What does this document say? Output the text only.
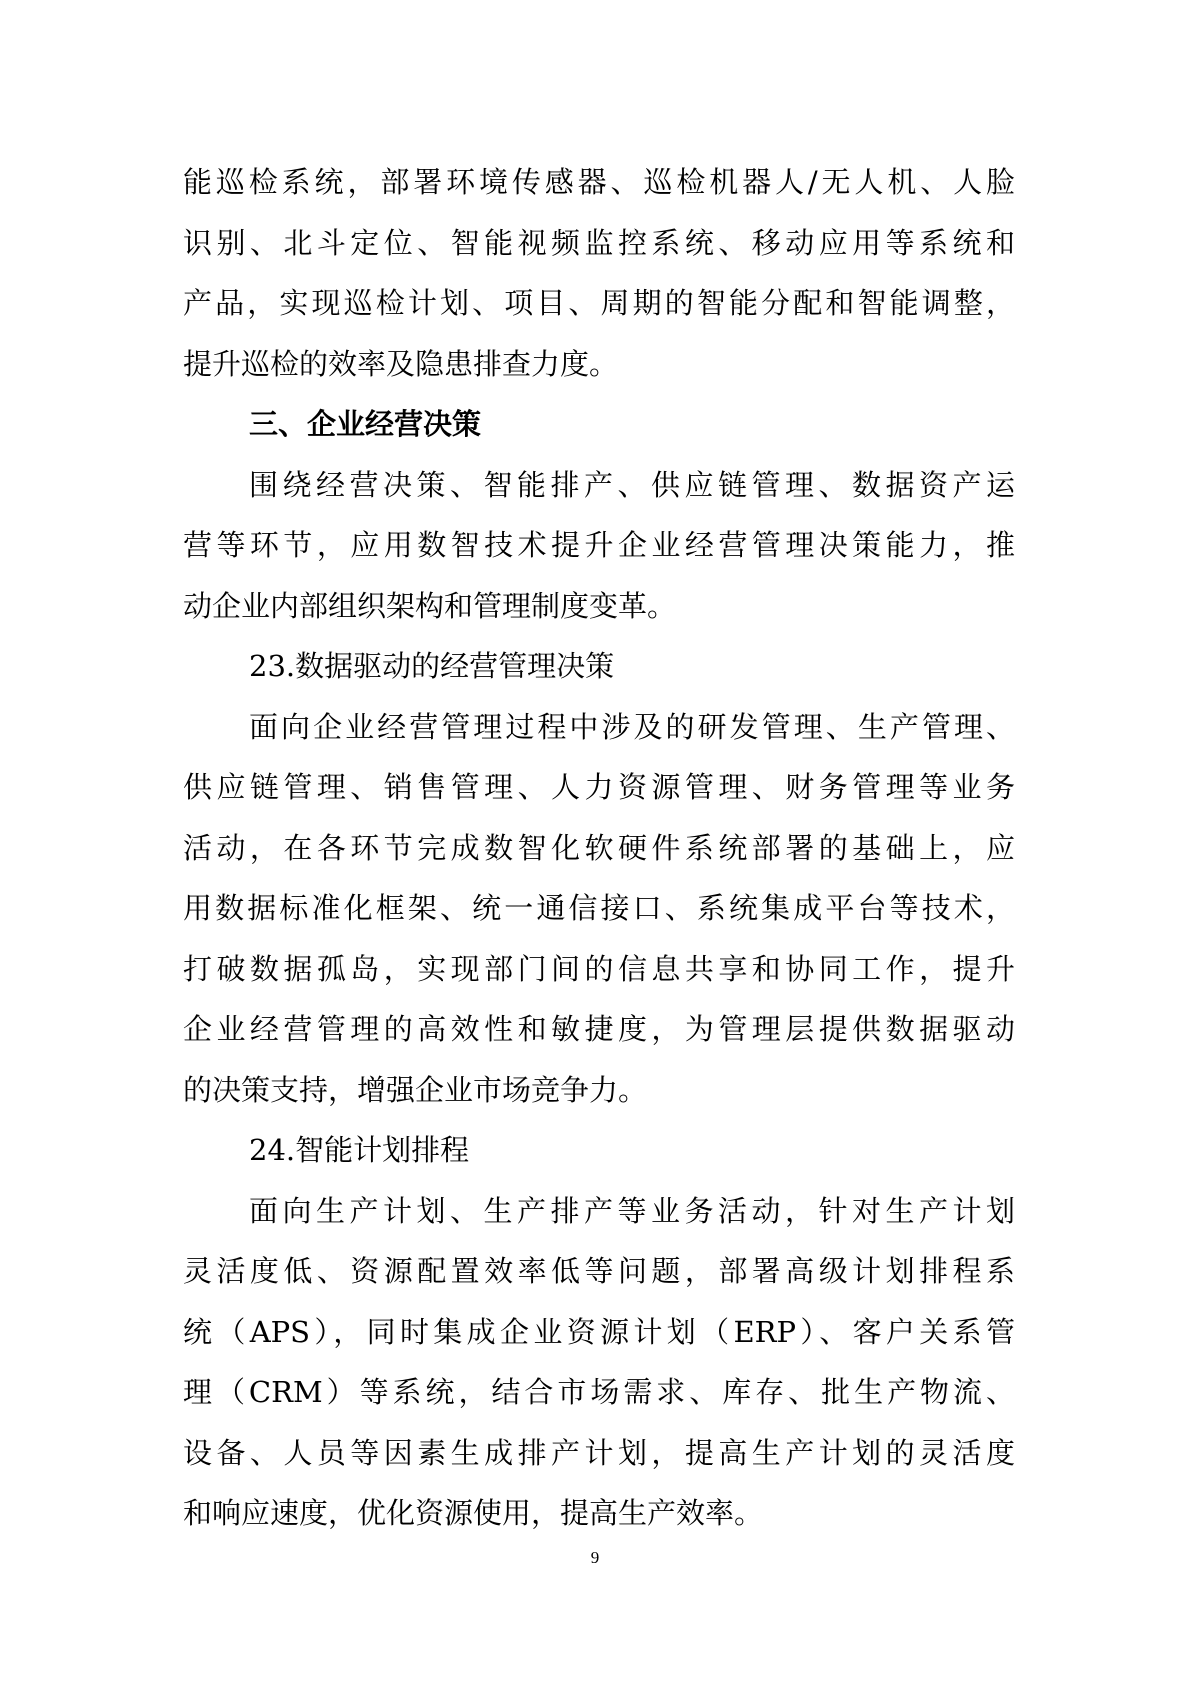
能巡检系统，部署环境传感器、巡检机器人/无人机、人脸
识别、北斗定位、智能视频监控系统、移动应用等系统和
产品，实现巡检计划、项目、周期的智能分配和智能调整，
提升巡检的效率及隐患排查力度。
三、企业经营决策
围绕经营决策、智能排产、供应链管理、数据资产运
营等环节，应用数智技术提升企业经营管理决策能力，推
动企业内部组织架构和管理制度变革。
23.数据驱动的经营管理决策
面向企业经营管理过程中涉及的研发管理、生产管理、
供应链管理、销售管理、人力资源管理、财务管理等业务
活动，在各环节完成数智化软硬件系统部署的基础上，应
用数据标准化框架、统一通信接口、系统集成平台等技术，
打破数据孤岛，实现部门间的信息共享和协同工作，提升
企业经营管理的高效性和敏捷度，为管理层提供数据驱动
的决策支持，增强企业市场竞争力。
24.智能计划排程
面向生产计划、生产排产等业务活动，针对生产计划
灵活度低、资源配置效率低等问题，部署高级计划排程系
统（APS），同时集成企业资源计划（ERP）、客户关系管
理（CRM）等系统，结合市场需求、库存、批生产物流、
设备、人员等因素生成排产计划，提高生产计划的灵活度
和响应速度，优化资源使用，提高生产效率。
9
